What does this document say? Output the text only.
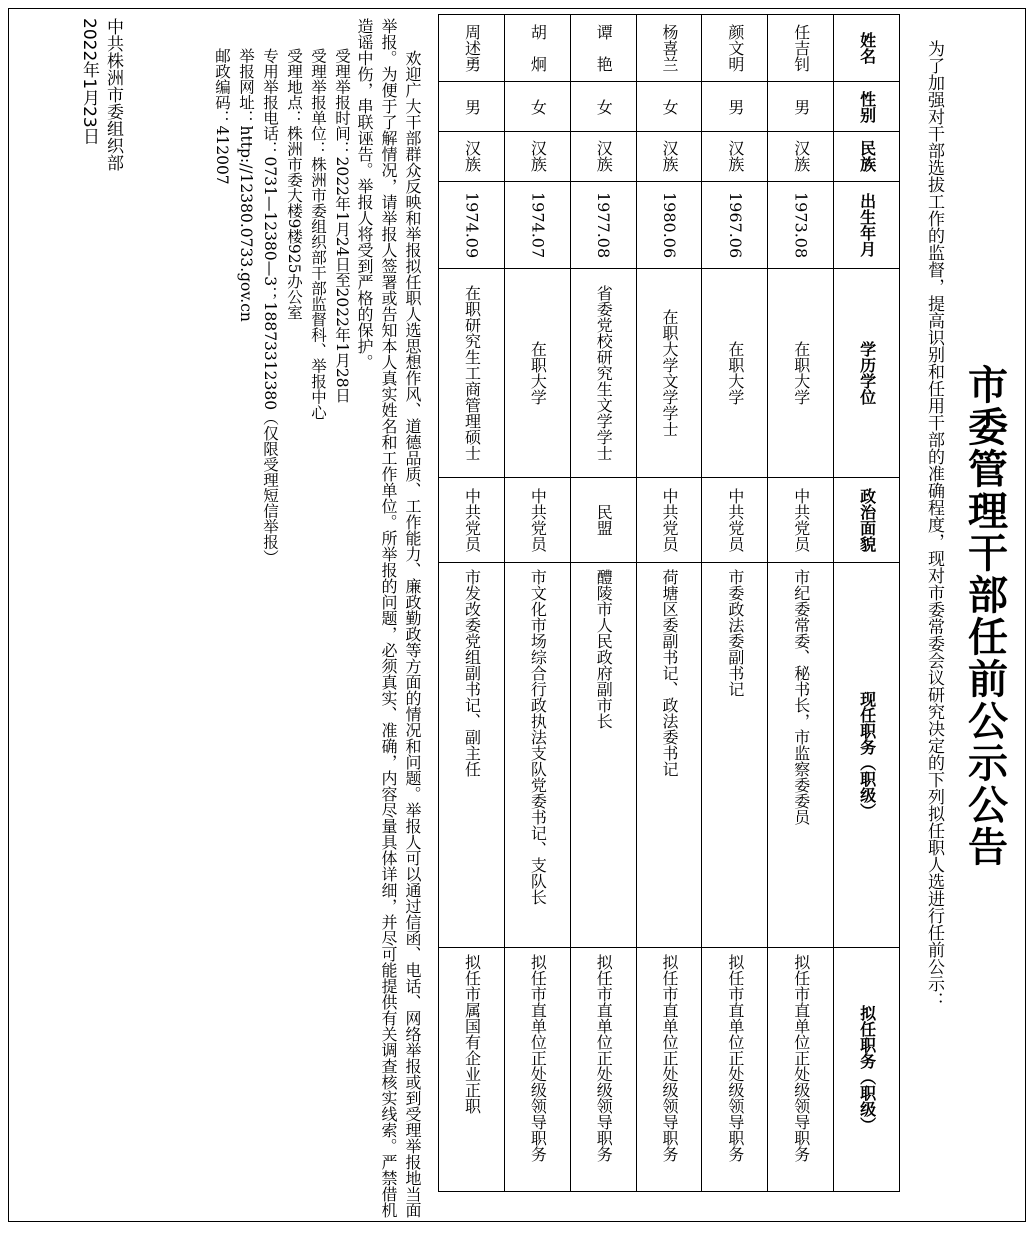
市委管理干部任前公示公告

为了加强对干部选拔工作的监督，提高识别和任用干部的准确程度，现对市委常委会议研究决定的下列拟任职人选进行任前公示：

姓名	性别	民族	出生年月	学历学位	政治面貌	现任职务（职级）	拟任职务（职级）
任吉钊	男	汉族	1973.08	在职大学	中共党员	市纪委常委、秘书长，市监察委委员	拟任市直单位正处级领导职务
颜文明	男	汉族	1967.06	在职大学	中共党员	市委政法委副书记	拟任市直单位正处级领导职务
杨喜兰	女	汉族	1980.06	在职大学文学学士	中共党员	荷塘区委副书记、政法委书记	拟任市直单位正处级领导职务
谭　艳	女	汉族	1977.08	省委党校研究生文学学士	民盟	醴陵市人民政府副市长	拟任市直单位正处级领导职务
胡　炯	女	汉族	1974.07	在职大学	中共党员	市文化市场综合行政执法支队党委书记、支队长	拟任市直单位正处级领导职务
周述勇	男	汉族	1974.09	在职研究生工商管理硕士	中共党员	市发改委党组副书记、副主任	拟任市属国有企业正职

欢迎广大干部群众反映和举报拟任职人选思想作风、道德品质、工作能力、廉政勤政等方面的情况和问题。举报人可以通过信函、电话、网络举报或到受理举报地当面举报。为便于了解情况，请举报人签署或告知本人真实姓名和工作单位。所举报的问题，必须真实、准确，内容尽量具体详细，并尽可能提供有关调查核实线索。严禁借机造谣中伤，串联诬告。举报人将受到严格的保护。

受理举报时间：2022年1月24日至2022年1月28日
受理举报单位：株洲市委组织部干部监督科、举报中心
受理地点：株洲市委大楼9楼925办公室
专用举报电话：0731—12380—3；18873312380（仅限受理短信举报）
举报网址：http://12380.0733.gov.cn
邮政编码：412007
中共株洲市委组织部
2022年1月23日
